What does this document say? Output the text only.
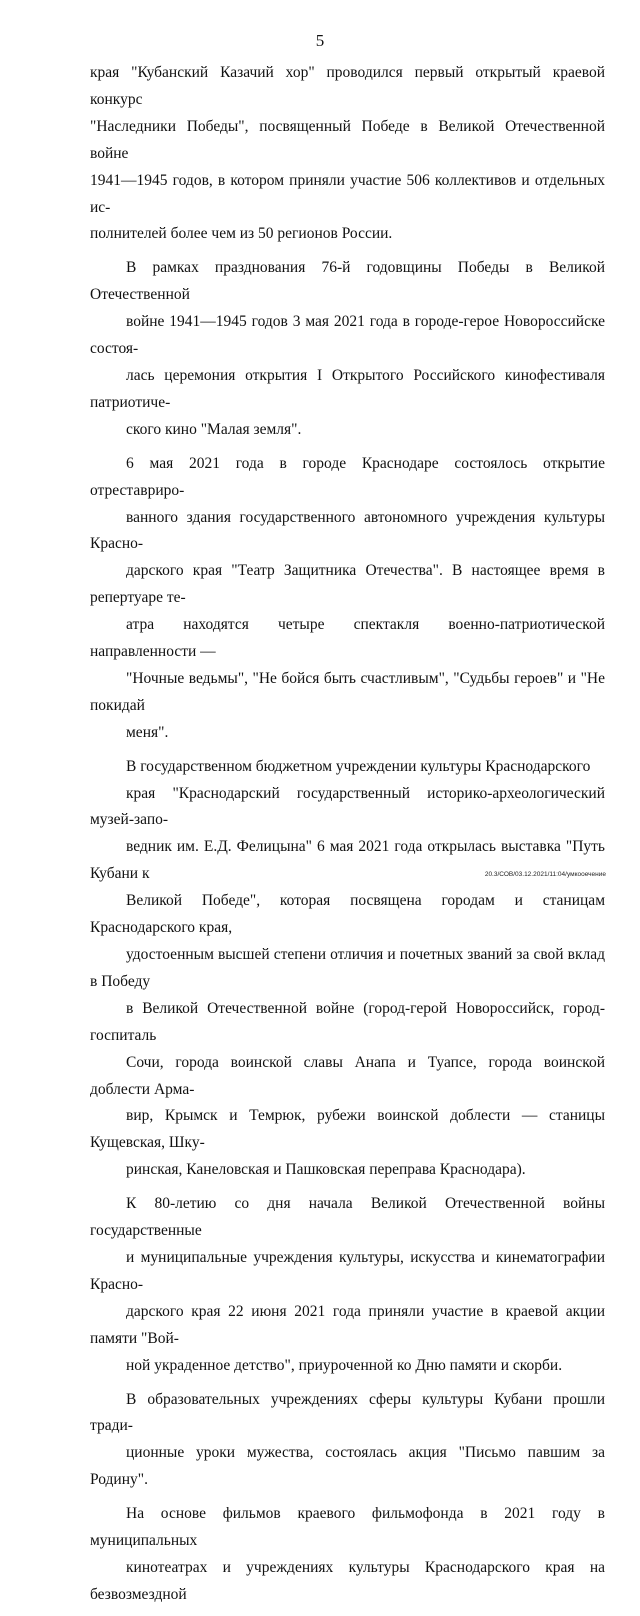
5

края "Кубанский Казачий хор" проводился первый открытый краевой конкурс
"Наследники Победы", посвященный Победе в Великой Отечественной войне
1941—1945 годов, в котором приняли участие 506 коллективов и отдельных ис-
полнителей более чем из 50 регионов России.

В рамках празднования 76-й годовщины Победы в Великой Отечественной
войне 1941—1945 годов 3 мая 2021 года в городе-герое Новороссийске состоя-
лась церемония открытия I Открытого Российского кинофестиваля патриотиче-
ского кино "Малая земля".

6 мая 2021 года в городе Краснодаре состоялось открытие отреставриро-
ванного здания государственного автономного учреждения культуры Красно-
дарского края "Театр Защитника Отечества". В настоящее время в репертуаре те-
атра находятся четыре спектакля военно-патриотической направленности —
"Ночные ведьмы", "Не бойся быть счастливым", "Судьбы героев" и "Не покидай
меня".

В государственном бюджетном учреждении культуры Краснодарского
края "Краснодарский государственный историко-археологический музей-запо-
ведник им. Е.Д. Фелицына" 6 мая 2021 года открылась выставка "Путь Кубани к
Великой Победе", которая посвящена городам и станицам Краснодарского края,
удостоенным высшей степени отличия и почетных званий за свой вклад в Победу
в Великой Отечественной войне (город-герой Новороссийск, город-госпиталь
Сочи, города воинской славы Анапа и Туапсе, города воинской доблести Арма-
вир, Крымск и Темрюк, рубежи воинской доблести — станицы Кущевская, Шку-
ринская, Канеловская и Пашковская переправа Краснодара).

К 80-летию со дня начала Великой Отечественной войны государственные
и муниципальные учреждения культуры, искусства и кинематографии Красно-
дарского края 22 июня 2021 года приняли участие в краевой акции памяти "Вой-
ной украденное детство", приуроченной ко Дню памяти и скорби.

В образовательных учреждениях сферы культуры Кубани прошли тради-
ционные уроки мужества, состоялась акция "Письмо павшим за Родину".

На основе фильмов краевого фильмофонда в 2021 году в муниципальных
кинотеатрах и учреждениях культуры Краснодарского края на безвозмездной

20.3/СОВ/03.12.2021/11:04/умкооечение
